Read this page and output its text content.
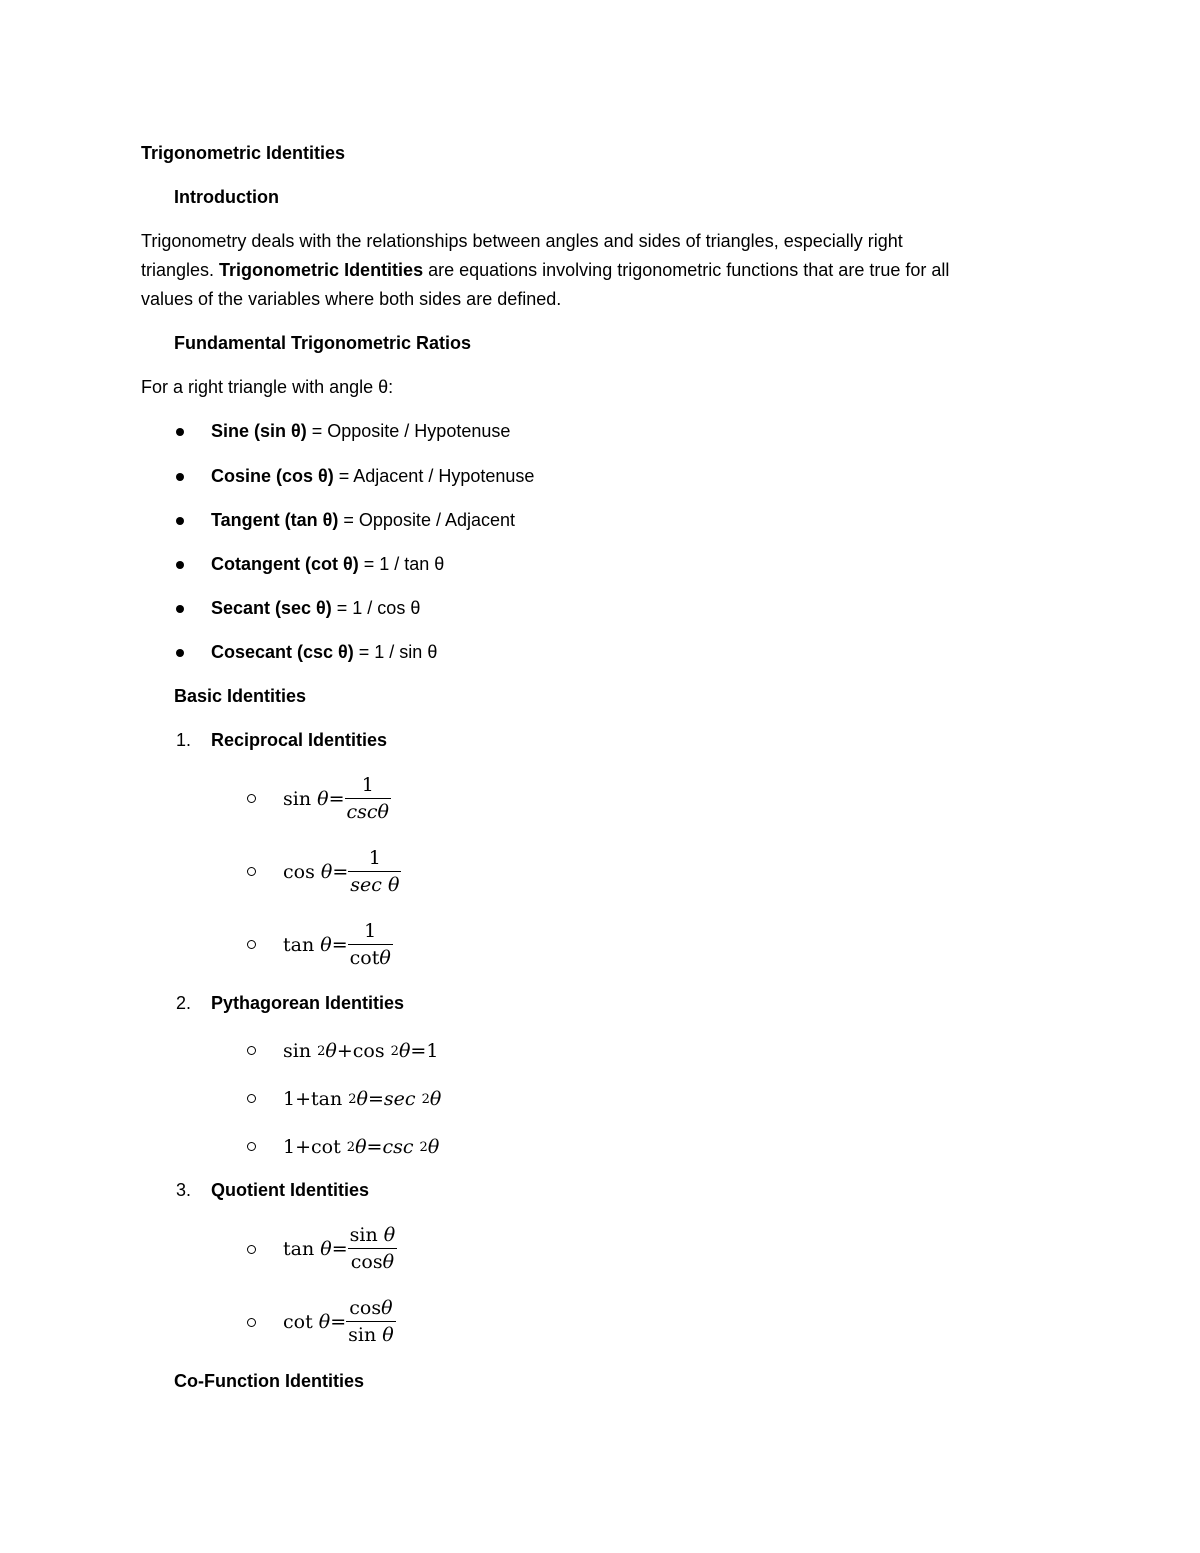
Trigonometric Identities
Introduction
Trigonometry deals with the relationships between angles and sides of triangles, especially right
triangles. Trigonometric Identities are equations involving trigonometric functions that are true for all
values of the variables where both sides are defined.
Fundamental Trigonometric Ratios
For a right triangle with angle θ:
Sine (sin θ) = Opposite / Hypotenuse
Cosine (cos θ) = Adjacent / Hypotenuse
Tangent (tan θ) = Opposite / Adjacent
Cotangent (cot θ) = 1 / tan θ
Secant (sec θ) = 1 / cos θ
Cosecant (csc θ) = 1 / sin θ
Basic Identities
1. Reciprocal Identities
sin
$\theta = \frac{1}{\csc\theta}$
cos
$\theta = \frac{1}{\text{sec θ}}$
tan
$\theta = \frac{1}{\cot\theta}$
2. Pythagorean Identities
sin
2 θ + cos
2 θ = 1
1 + tan
2 θ = sec
2 θ
1 + cot
2 θ = csc
2 θ
3. Quotient Identities
tan
$\theta = \frac{\text{sin θ}}{\cos\theta}$
cot
$\theta = \frac{\cos\theta}{\text{sin θ}}$
Co-Function Identities
